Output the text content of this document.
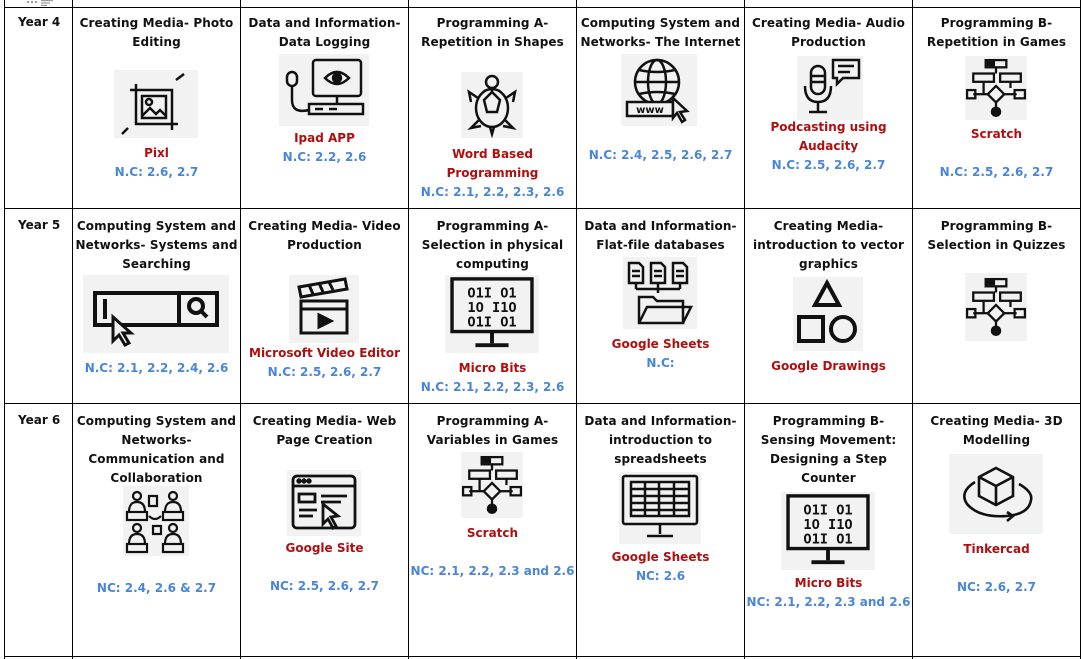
Year 4
Year 5
Year 6
Creating Media- Photo
Editing
Pixl
N.C: 2.6, 2.7
Data and Information-
Data Logging
Ipad APP
N.C: 2.2, 2.6
Programming A-
Repetition in Shapes
Word Based
Programming
N.C: 2.1, 2.2, 2.3, 2.6
Computing System and
Networks- The Internet
www
N.C: 2.4, 2.5, 2.6, 2.7
Creating Media- Audio
Production
Podcasting using
Audacity
N.C: 2.5, 2.6, 2.7
Programming B-
Repetition in Games
Scratch
N.C: 2.5, 2.6, 2.7
Computing System and
Networks- Systems and
Searching
N.C: 2.1, 2.2, 2.4, 2.6
Creating Media- Video
Production
Microsoft Video Editor
N.C: 2.5, 2.6, 2.7
Programming A-
Selection in physical
computing
Micro Bits
N.C: 2.1, 2.2, 2.3, 2.6
Data and Information-
Flat-file databases
Google Sheets
N.C:
Creating Media-
introduction to vector
graphics
Google Drawings
Programming B-
Selection in Quizzes
Computing System and
Networks-
Communication and
Collaboration
NC: 2.4, 2.6 & 2.7
Creating Media- Web
Page Creation
Google Site
NC: 2.5, 2.6, 2.7
Programming A-
Variables in Games
Scratch
NC: 2.1, 2.2, 2.3 and 2.6
Data and Information-
introduction to
spreadsheets
Google Sheets
NC: 2.6
Programming B-
Sensing Movement:
Designing a Step
Counter
Micro Bits
NC: 2.1, 2.2, 2.3 and 2.6
Creating Media- 3D
Modelling
Tinkercad
NC: 2.6, 2.7
